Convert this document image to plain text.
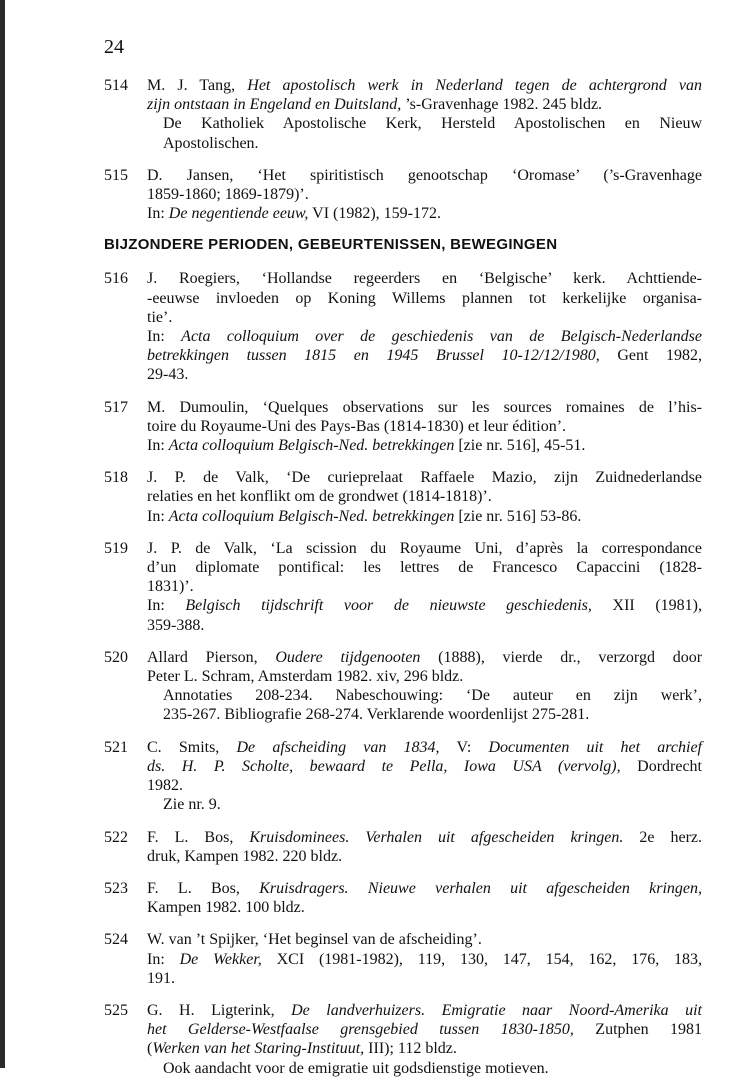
24
514	M. J. Tang, Het apostolisch werk in Nederland tegen de achtergrond van
zijn ontstaan in Engeland en Duitsland, ’s-Gravenhage 1982. 245 bldz.
De Katholiek Apostolische Kerk, Hersteld Apostolischen en Nieuw
Apostolischen.
515	D. Jansen, ‘Het spiritistisch genootschap ‘Oromase’ (’s-Gravenhage
1859-1860; 1869-1879)’.
In: De negentiende eeuw, VI (1982), 159-172.
BIJZONDERE PERIODEN, GEBEURTENISSEN, BEWEGINGEN
516	J. Roegiers, ‘Hollandse regeerders en ‘Belgische’ kerk. Achttiende-
-eeuwse invloeden op Koning Willems plannen tot kerkelijke organisa-
tie’.
In: Acta colloquium over de geschiedenis van de Belgisch-Nederlandse
betrekkingen tussen 1815 en 1945 Brussel 10-12/12/1980, Gent 1982,
29-43.
517	M. Dumoulin, ‘Quelques observations sur les sources romaines de l’his-
toire du Royaume-Uni des Pays-Bas (1814-1830) et leur édition’.
In: Acta colloquium Belgisch-Ned. betrekkingen [zie nr. 516], 45-51.
518	J. P. de Valk, ‘De curieprelaat Raffaele Mazio, zijn Zuidnederlandse
relaties en het konflikt om de grondwet (1814-1818)’.
In: Acta colloquium Belgisch-Ned. betrekkingen [zie nr. 516] 53-86.
519	J. P. de Valk, ‘La scission du Royaume Uni, d’après la correspondance
d’un diplomate pontifical: les lettres de Francesco Capaccini (1828-
1831)’.
In: Belgisch tijdschrift voor de nieuwste geschiedenis, XII (1981),
359-388.
520	Allard Pierson, Oudere tijdgenooten (1888), vierde dr., verzorgd door
Peter L. Schram, Amsterdam 1982. xiv, 296 bldz.
Annotaties 208-234. Nabeschouwing: ‘De auteur en zijn werk’,
235-267. Bibliografie 268-274. Verklarende woordenlijst 275-281.
521	C. Smits, De afscheiding van 1834, V: Documenten uit het archief
ds. H. P. Scholte, bewaard te Pella, Iowa USA (vervolg), Dordrecht
1982.
Zie nr. 9.
522	F. L. Bos, Kruisdominees. Verhalen uit afgescheiden kringen. 2e herz.
druk, Kampen 1982. 220 bldz.
523	F. L. Bos, Kruisdragers. Nieuwe verhalen uit afgescheiden kringen,
Kampen 1982. 100 bldz.
524	W. van ’t Spijker, ‘Het beginsel van de afscheiding’.
In: De Wekker, XCI (1981-1982), 119, 130, 147, 154, 162, 176, 183,
191.
525	G. H. Ligterink, De landverhuizers. Emigratie naar Noord-Amerika uit
het Gelderse-Westfaalse grensgebied tussen 1830-1850, Zutphen 1981
(Werken van het Staring-Instituut, III); 112 bldz.
Ook aandacht voor de emigratie uit godsdienstige motieven.
